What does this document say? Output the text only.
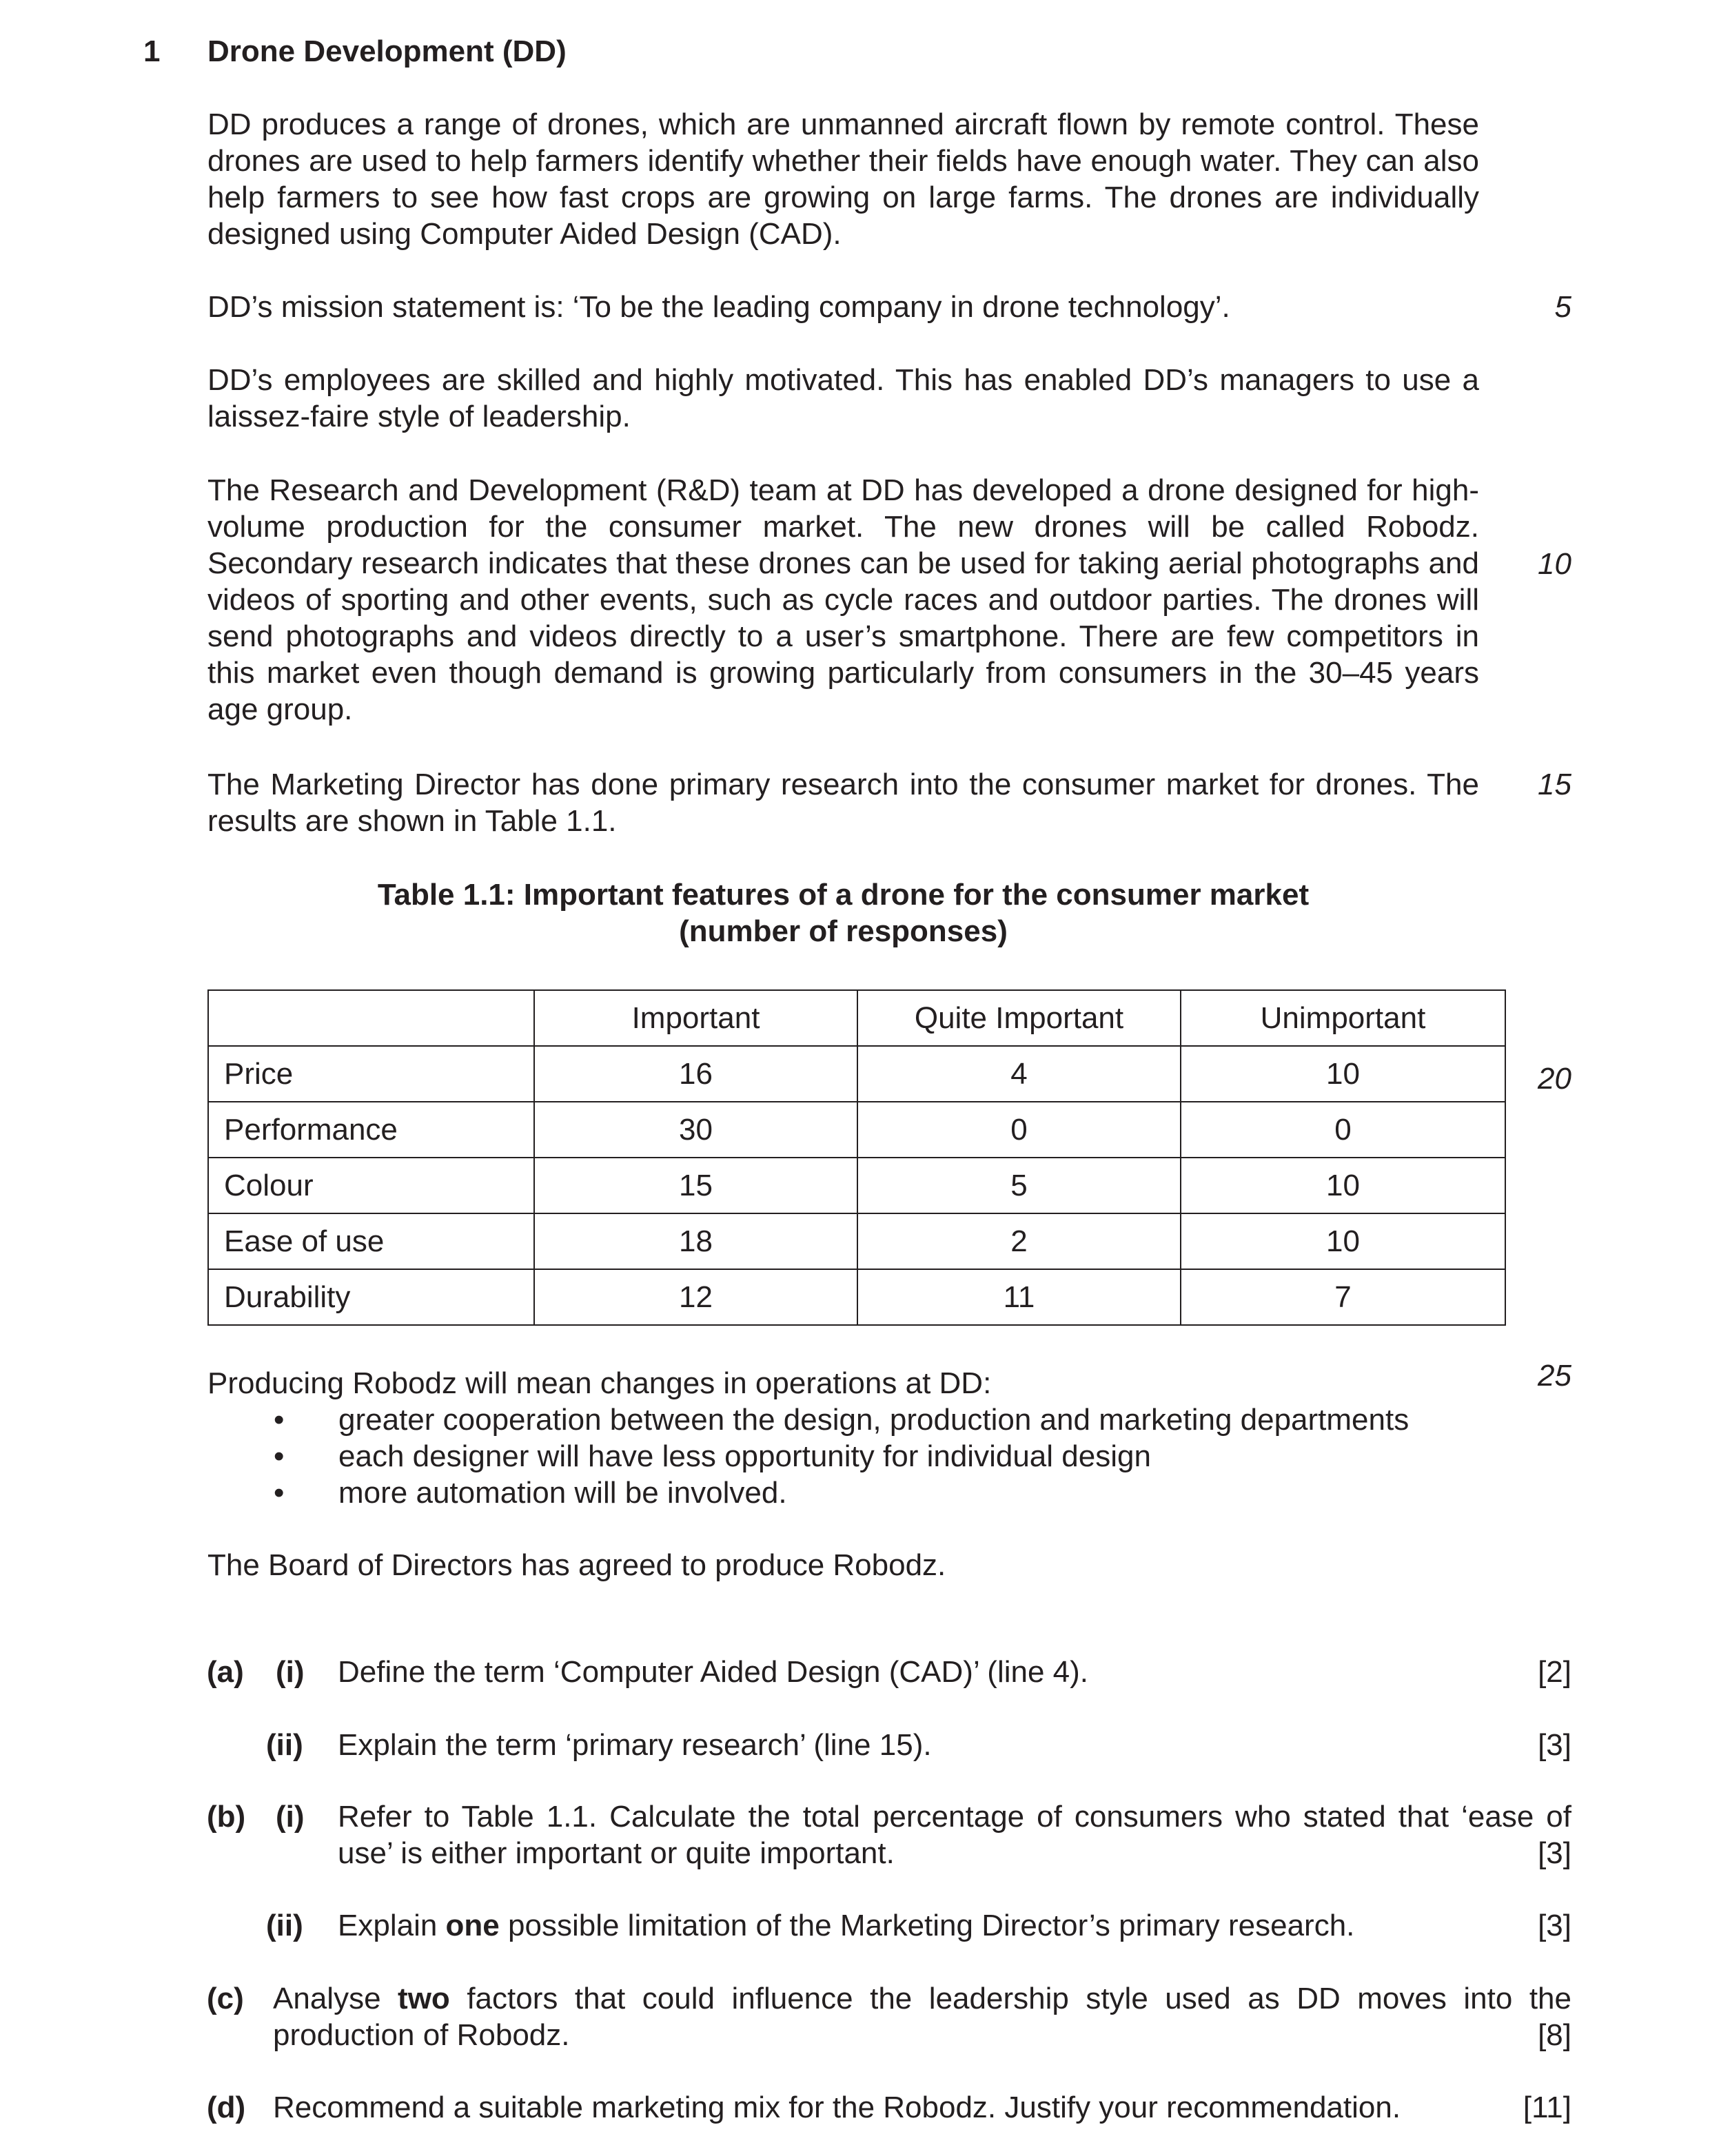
1 Drone Development (DD)
DD produces a range of drones, which are unmanned aircraft flown by remote control. These drones are used to help farmers identify whether their fields have enough water. They can also help farmers to see how fast crops are growing on large farms. The drones are individually designed using Computer Aided Design (CAD).
DD’s mission statement is: ‘To be the leading company in drone technology’.
DD’s employees are skilled and highly motivated. This has enabled DD’s managers to use a laissez-faire style of leadership.
The Research and Development (R&D) team at DD has developed a drone designed for high-volume production for the consumer market. The new drones will be called Robodz. Secondary research indicates that these drones can be used for taking aerial photographs and videos of sporting and other events, such as cycle races and outdoor parties. The drones will send photographs and videos directly to a user’s smartphone. There are few competitors in this market even though demand is growing particularly from consumers in the 30–45 years age group.
The Marketing Director has done primary research into the consumer market for drones. The results are shown in Table 1.1.
5
10
15
20
25
Table 1.1: Important features of a drone for the consumer market
(number of responses)
	Important	Quite Important	Unimportant
Price	16	4	10
Performance	30	0	0
Colour	15	5	10
Ease of use	18	2	10
Durability	12	11	7
Producing Robodz will mean changes in operations at DD:
• greater cooperation between the design, production and marketing departments
• each designer will have less opportunity for individual design
• more automation will be involved.
The Board of Directors has agreed to produce Robodz.
(a) (i) Define the term ‘Computer Aided Design (CAD)’ (line 4).	[2]
(ii) Explain the term ‘primary research’ (line 15).	[3]
(b) (i) Refer to Table 1.1. Calculate the total percentage of consumers who stated that ‘ease of use’ is either important or quite important.	[3]
(ii) Explain one possible limitation of the Marketing Director’s primary research.	[3]
(c) Analyse two factors that could influence the leadership style used as DD moves into the production of Robodz.	[8]
(d) Recommend a suitable marketing mix for the Robodz. Justify your recommendation.	[11]
